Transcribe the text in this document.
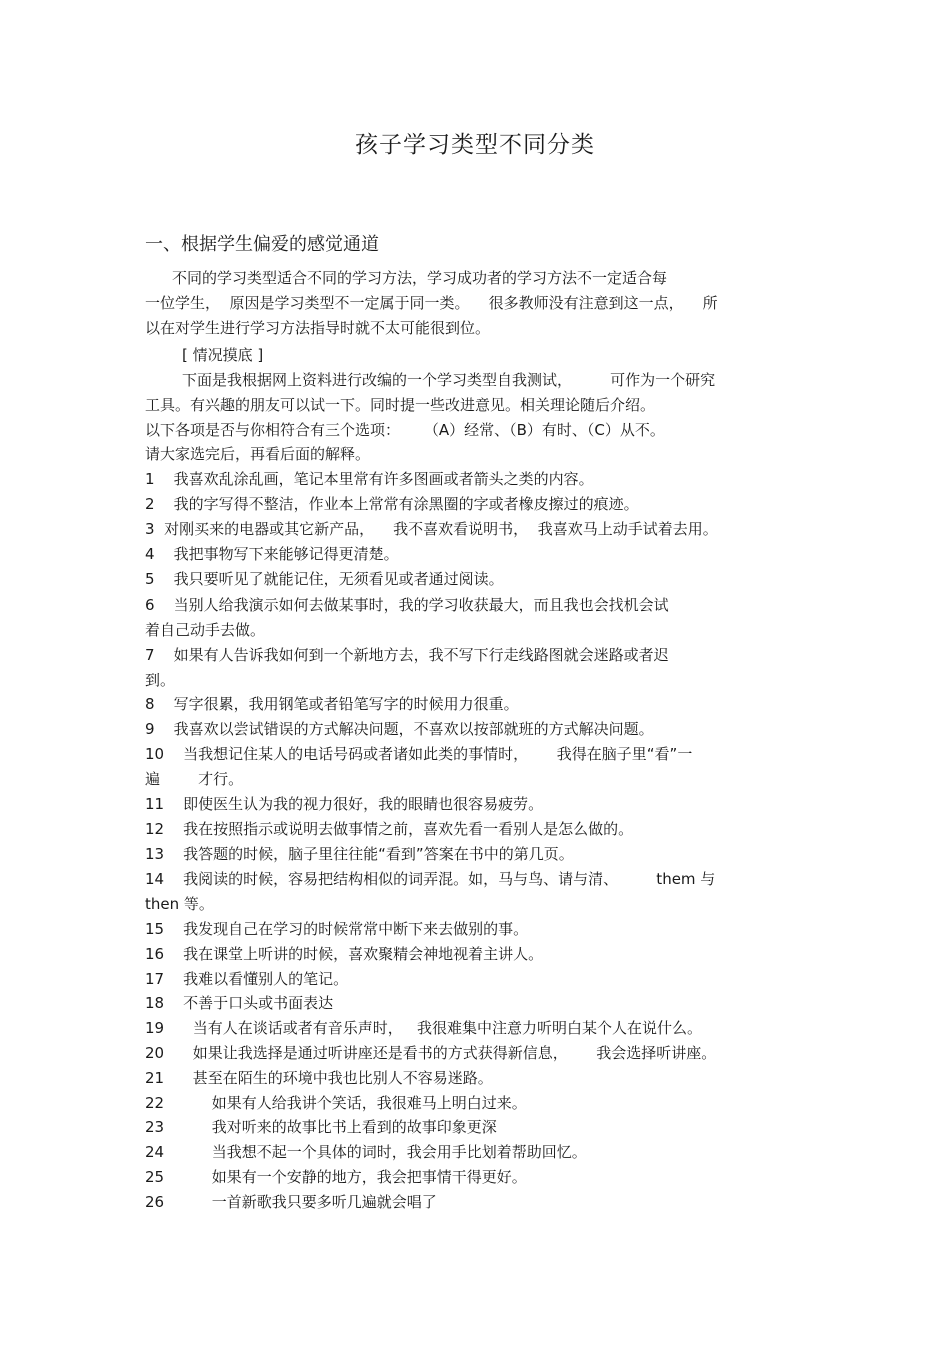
孩子学习类型不同分类
一、根据学生偏爱的感觉通道
不同的学习类型适合不同的学习方法，学习成功者的学习方法不一定适合每
一位学生，  原因是学习类型不一定属于同一类。    很多教师没有注意到这一点，    所
以在对学生进行学习方法指导时就不太可能很到位。
[ 情况摸底 ]
下面是我根据网上资料进行改编的一个学习类型自我测试，        可作为一个研究
工具。有兴趣的朋友可以试一下。同时提一些改进意见。相关理论随后介绍。
以下各项是否与你相符合有三个选项：     （A）经常、（B）有时、（C）从不。
请大家选完后，再看后面的解释。
1    我喜欢乱涂乱画，笔记本里常有许多图画或者箭头之类的内容。
2    我的字写得不整洁，作业本上常常有涂黑圈的字或者橡皮擦过的痕迹。
3  对刚买来的电器或其它新产品，    我不喜欢看说明书，  我喜欢马上动手试着去用。
4    我把事物写下来能够记得更清楚。
5    我只要听见了就能记住，无须看见或者通过阅读。
6    当别人给我演示如何去做某事时，我的学习收获最大，而且我也会找机会试
着自己动手去做。
7    如果有人告诉我如何到一个新地方去，我不写下行走线路图就会迷路或者迟
到。
8    写字很累，我用钢笔或者铅笔写字的时候用力很重。
9    我喜欢以尝试错误的方式解决问题，不喜欢以按部就班的方式解决问题。
10    当我想记住某人的电话号码或者诸如此类的事情时，      我得在脑子里“看”一
遍        才行。
11    即使医生认为我的视力很好，我的眼睛也很容易疲劳。
12    我在按照指示或说明去做事情之前，喜欢先看一看别人是怎么做的。
13    我答题的时候，脑子里往往能“看到”答案在书中的第几页。
14    我阅读的时候，容易把结构相似的词弄混。如，马与鸟、请与清、        them 与
then 等。
15    我发现自己在学习的时候常常中断下来去做别的事。
16    我在课堂上听讲的时候，喜欢聚精会神地视着主讲人。
17    我难以看懂别人的笔记。
18    不善于口头或书面表达
19      当有人在谈话或者有音乐声时，   我很难集中注意力听明白某个人在说什么。
20      如果让我选择是通过听讲座还是看书的方式获得新信息，      我会选择听讲座。
21      甚至在陌生的环境中我也比别人不容易迷路。
22          如果有人给我讲个笑话，我很难马上明白过来。
23          我对听来的故事比书上看到的故事印象更深
24          当我想不起一个具体的词时，我会用手比划着帮助回忆。
25          如果有一个安静的地方，我会把事情干得更好。
26          一首新歌我只要多听几遍就会唱了
